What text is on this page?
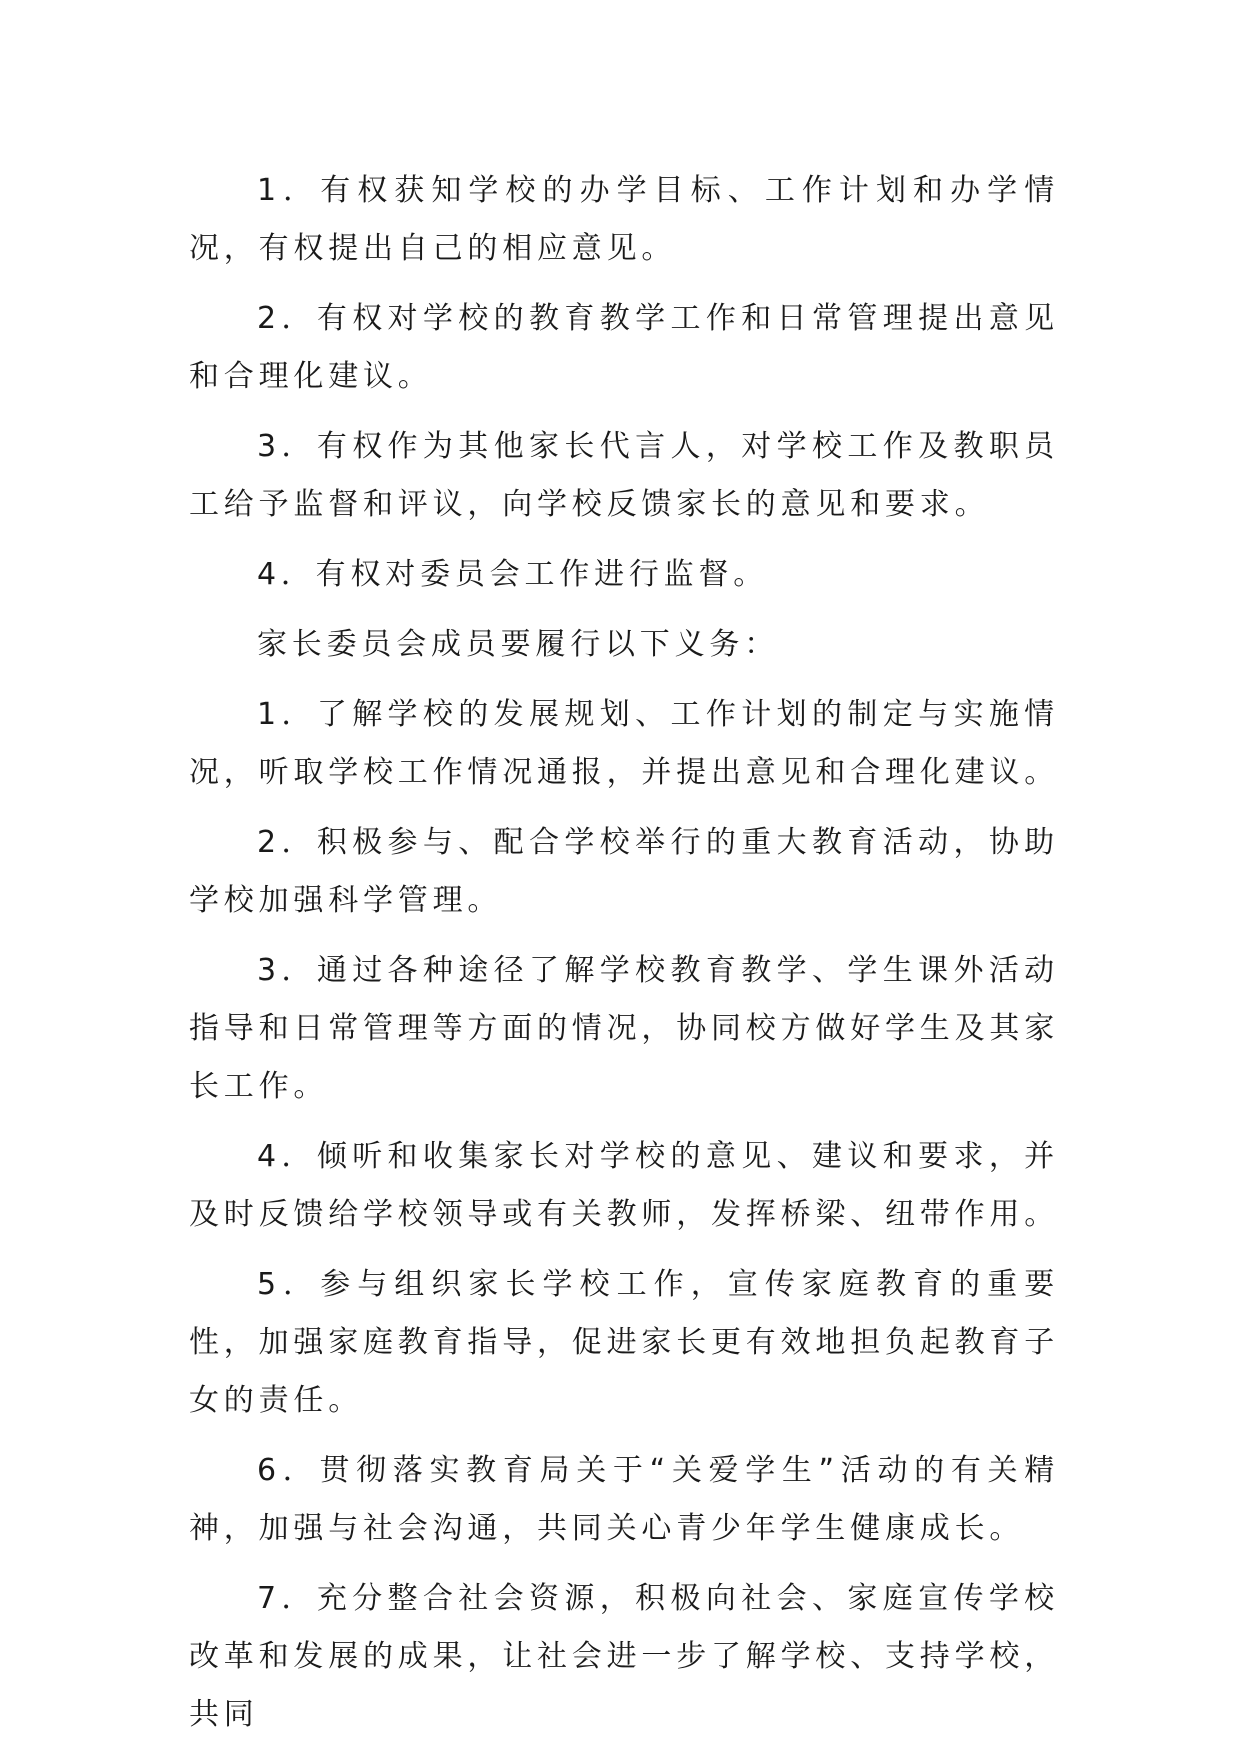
1．有权获知学校的办学目标、工作计划和办学情况，有权提出自己的相应意见。

2．有权对学校的教育教学工作和日常管理提出意见和合理化建议。

3．有权作为其他家长代言人，对学校工作及教职员工给予监督和评议，向学校反馈家长的意见和要求。

4．有权对委员会工作进行监督。

家长委员会成员要履行以下义务：

1．了解学校的发展规划、工作计划的制定与实施情况，听取学校工作情况通报，并提出意见和合理化建议。

2．积极参与、配合学校举行的重大教育活动，协助学校加强科学管理。

3．通过各种途径了解学校教育教学、学生课外活动指导和日常管理等方面的情况，协同校方做好学生及其家长工作。

4．倾听和收集家长对学校的意见、建议和要求，并及时反馈给学校领导或有关教师，发挥桥梁、纽带作用。

5．参与组织家长学校工作，宣传家庭教育的重要性，加强家庭教育指导，促进家长更有效地担负起教育子女的责任。

6．贯彻落实教育局关于“关爱学生”活动的有关精神，加强与社会沟通，共同关心青少年学生健康成长。

7．充分整合社会资源，积极向社会、家庭宣传学校改革和发展的成果，让社会进一步了解学校、支持学校，共同
